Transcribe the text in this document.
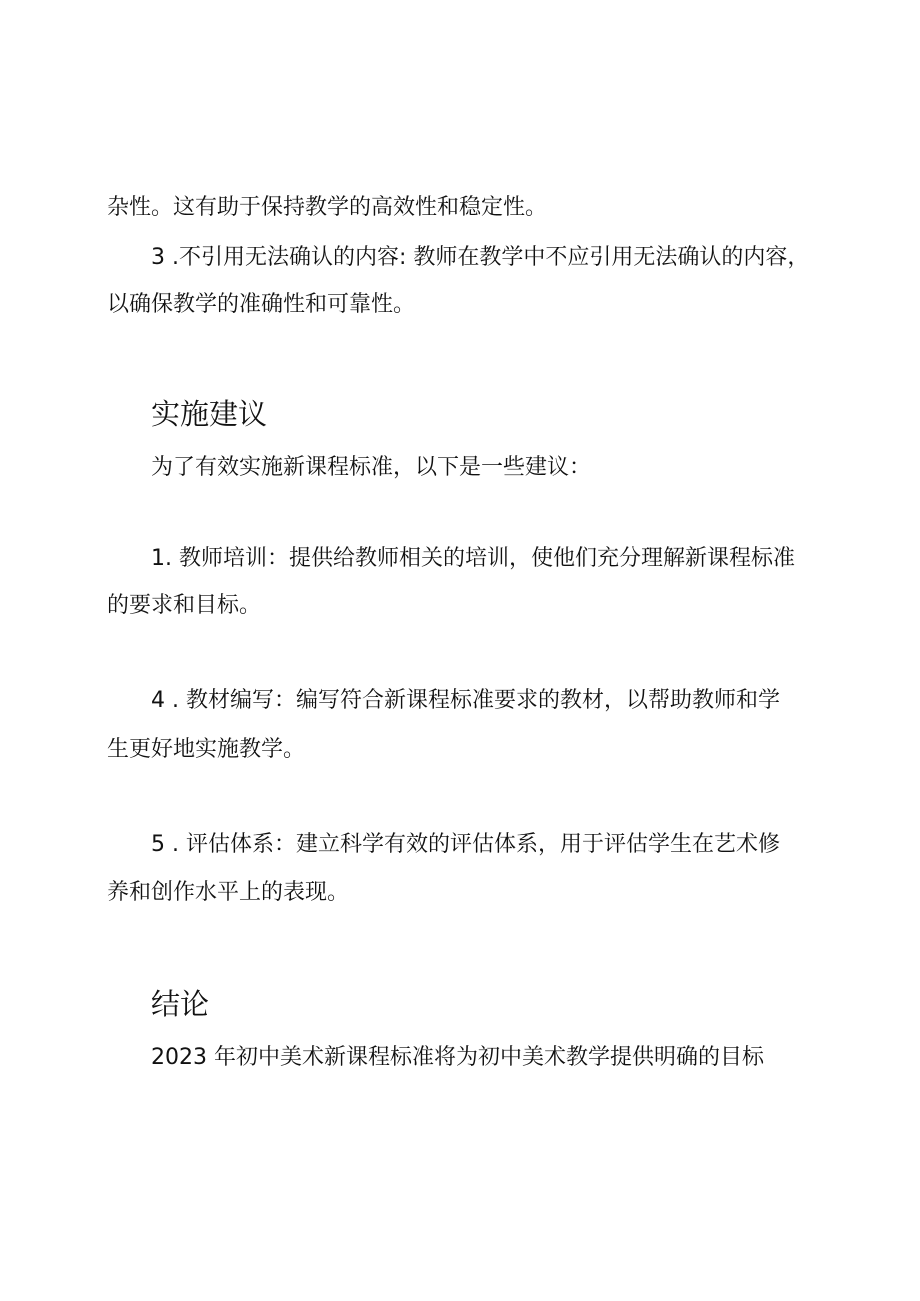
杂性。这有助于保持教学的高效性和稳定性。

3 .不引用无法确认的内容: 教师在教学中不应引用无法确认的内容，

以确保教学的准确性和可靠性。

实施建议

为了有效实施新课程标准，以下是一些建议：

1. 教师培训：提供给教师相关的培训，使他们充分理解新课程标准

的要求和目标。

4 . 教材编写：编写符合新课程标准要求的教材，以帮助教师和学

生更好地实施教学。

5 . 评估体系：建立科学有效的评估体系，用于评估学生在艺术修

养和创作水平上的表现。

结论

2023 年初中美术新课程标准将为初中美术教学提供明确的目标
